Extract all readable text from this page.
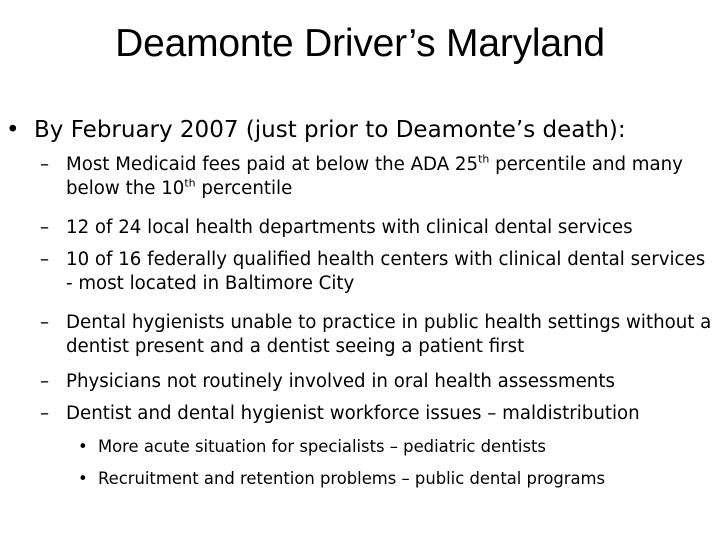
Deamonte Driver’s Maryland
• By February 2007 (just prior to Deamonte’s death):
– Most Medicaid fees paid at below the ADA 25th percentile and many below the 10th percentile
– 12 of 24 local health departments with clinical dental services
– 10 of 16 federally qualified health centers with clinical dental services - most located in Baltimore City
– Dental hygienists unable to practice in public health settings without a dentist present and a dentist seeing a patient first
– Physicians not routinely involved in oral health assessments
– Dentist and dental hygienist workforce issues – maldistribution
• More acute situation for specialists – pediatric dentists
• Recruitment and retention problems – public dental programs
